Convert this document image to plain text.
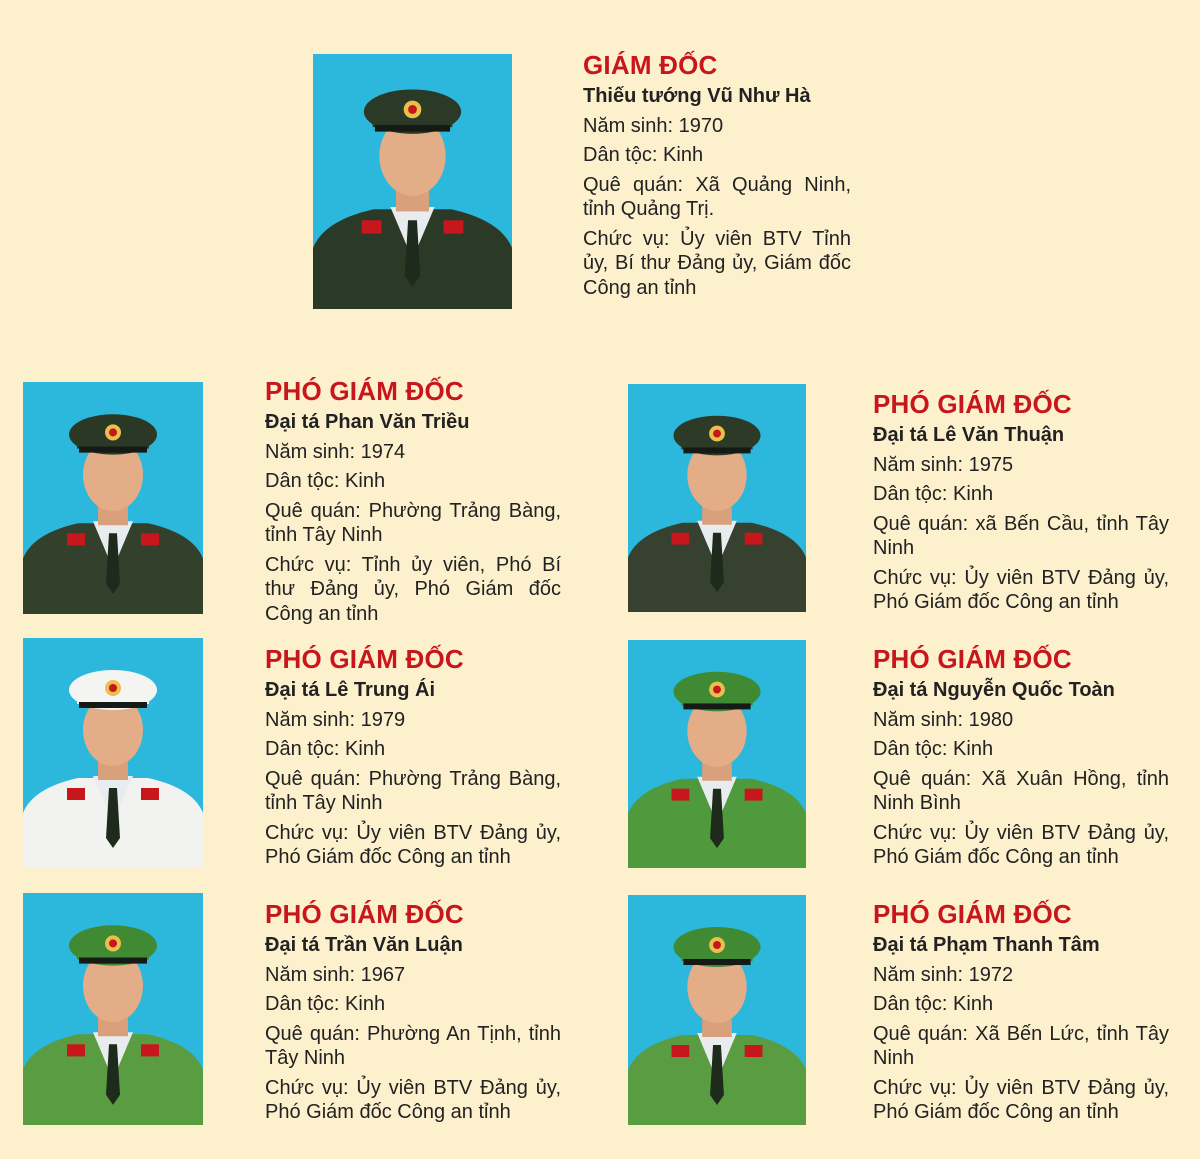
GIÁM ĐỐC
Thiếu tướng Vũ Như Hà
Năm sinh: 1970
Dân tộc: Kinh
Quê quán: Xã Quảng Ninh, tỉnh Quảng Trị.
Chức vụ: Ủy viên BTV Tỉnh ủy, Bí thư Đảng ủy, Giám đốc Công an tỉnh
PHÓ GIÁM ĐỐC
Đại tá Phan Văn Triều
Năm sinh: 1974
Dân tộc: Kinh
Quê quán: Phường Trảng Bàng, tỉnh Tây Ninh
Chức vụ: Tỉnh ủy viên, Phó Bí thư Đảng ủy, Phó Giám đốc Công an tỉnh
PHÓ GIÁM ĐỐC
Đại tá Lê Văn Thuận
Năm sinh: 1975
Dân tộc: Kinh
Quê quán: xã Bến Cầu, tỉnh Tây Ninh
Chức vụ: Ủy viên BTV Đảng ủy, Phó Giám đốc Công an tỉnh
PHÓ GIÁM ĐỐC
Đại tá Lê Trung Ái
Năm sinh: 1979
Dân tộc: Kinh
Quê quán: Phường Trảng Bàng, tỉnh Tây Ninh
Chức vụ: Ủy viên BTV Đảng ủy, Phó Giám đốc Công an tỉnh
PHÓ GIÁM ĐỐC
Đại tá Nguyễn Quốc Toàn
Năm sinh: 1980
Dân tộc: Kinh
Quê quán: Xã Xuân Hồng, tỉnh Ninh Bình
Chức vụ: Ủy viên BTV Đảng ủy, Phó Giám đốc Công an tỉnh
PHÓ GIÁM ĐỐC
Đại tá Trần Văn Luận
Năm sinh: 1967
Dân tộc: Kinh
Quê quán: Phường An Tịnh, tỉnh Tây Ninh
Chức vụ: Ủy viên BTV Đảng ủy, Phó Giám đốc Công an tỉnh
PHÓ GIÁM ĐỐC
Đại tá Phạm Thanh Tâm
Năm sinh: 1972
Dân tộc: Kinh
Quê quán: Xã Bến Lức, tỉnh Tây Ninh
Chức vụ: Ủy viên BTV Đảng ủy, Phó Giám đốc Công an tỉnh
